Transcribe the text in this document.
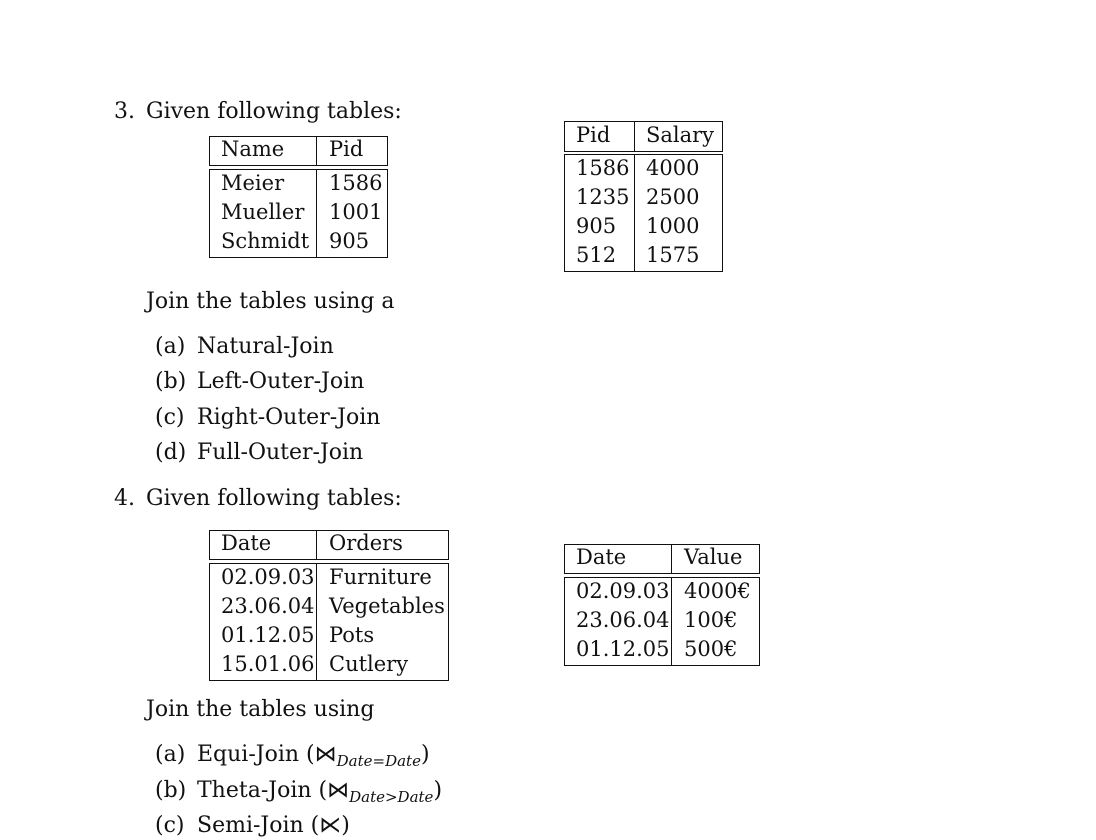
3. Given following tables:
Name Pid
Meier 1586
Mueller 1001
Schmidt 905
Pid Salary
1586 4000
1235 2500
905 1000
512 1575
Join the tables using a
(a) Natural-Join
(b) Left-Outer-Join
(c) Right-Outer-Join
(d) Full-Outer-Join
4. Given following tables:
Date	Orders
02.09.03 Furniture
23.06.04 Vegetables
01.12.05 Pots
15.01.06 Cutlery
Date	Value
02.09.03 4000€
23.06.04 100€
01.12.05 500€
Join the tables using
(a) Equi-Join $(⋈_{Date=Date})$
(b) Theta-Join $(⋈_{Date>Date})$
(c) Semi-Join (⋉)
